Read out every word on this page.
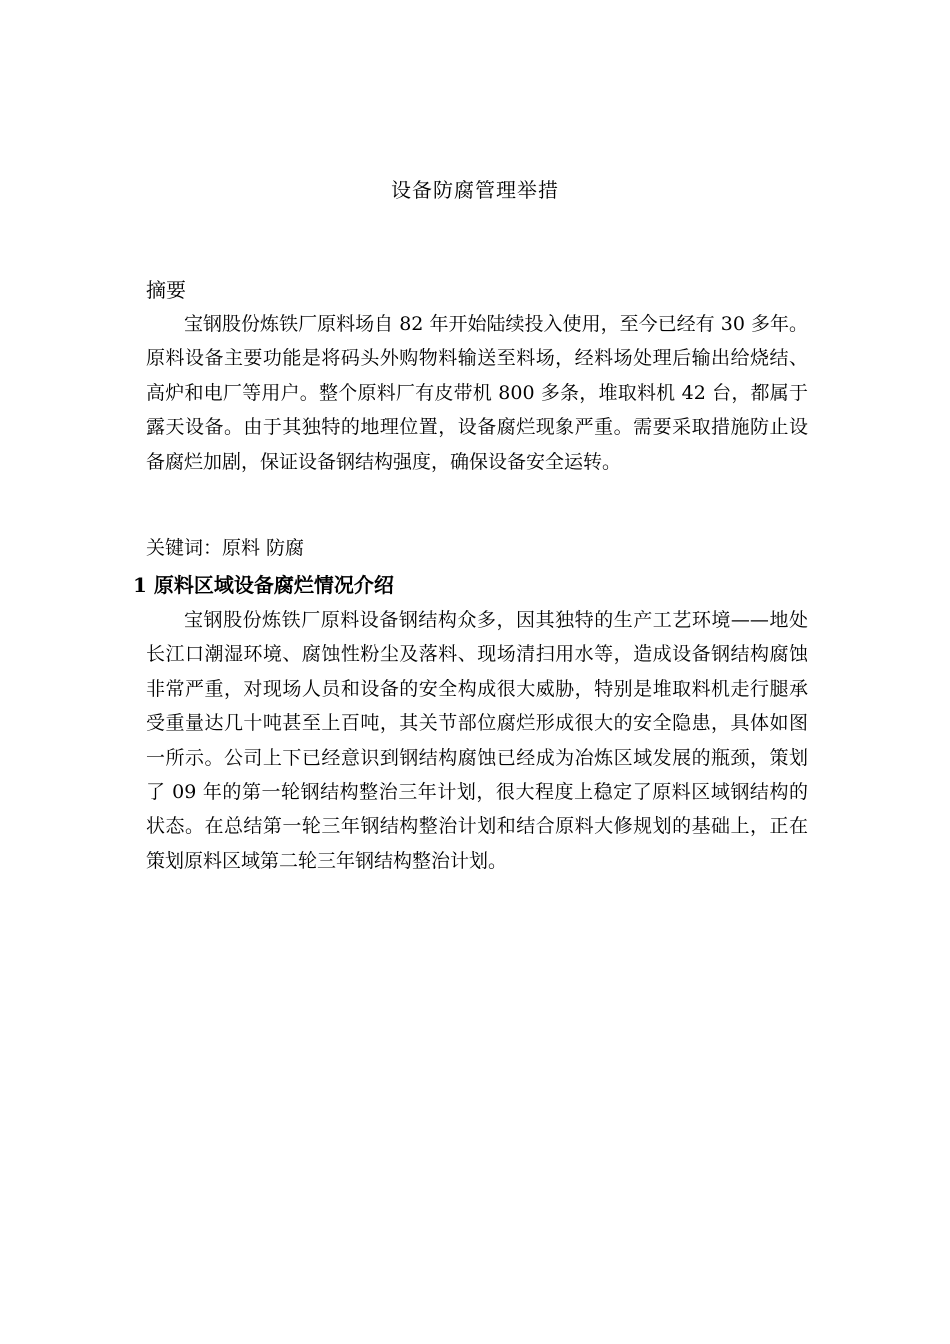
设备防腐管理举措
摘要

宝钢股份炼铁厂原料场自 82 年开始陆续投入使用，至今已经有 30 多年。原料设备主要功能是将码头外购物料输送至料场，经料场处理后输出给烧结、高炉和电厂等用户。整个原料厂有皮带机 800 多条，堆取料机 42 台，都属于露天设备。由于其独特的地理位置，设备腐烂现象严重。需要采取措施防止设备腐烂加剧，保证设备钢结构强度，确保设备安全运转。

关键词：原料 防腐
1 原料区域设备腐烂情况介绍

宝钢股份炼铁厂原料设备钢结构众多，因其独特的生产工艺环境——地处长江口潮湿环境、腐蚀性粉尘及落料、现场清扫用水等，造成设备钢结构腐蚀非常严重，对现场人员和设备的安全构成很大威胁，特别是堆取料机走行腿承受重量达几十吨甚至上百吨，其关节部位腐烂形成很大的安全隐患，具体如图一所示。公司上下已经意识到钢结构腐蚀已经成为冶炼区域发展的瓶颈，策划了 09 年的第一轮钢结构整治三年计划，很大程度上稳定了原料区域钢结构的状态。在总结第一轮三年钢结构整治计划和结合原料大修规划的基础上，正在策划原料区域第二轮三年钢结构整治计划。
